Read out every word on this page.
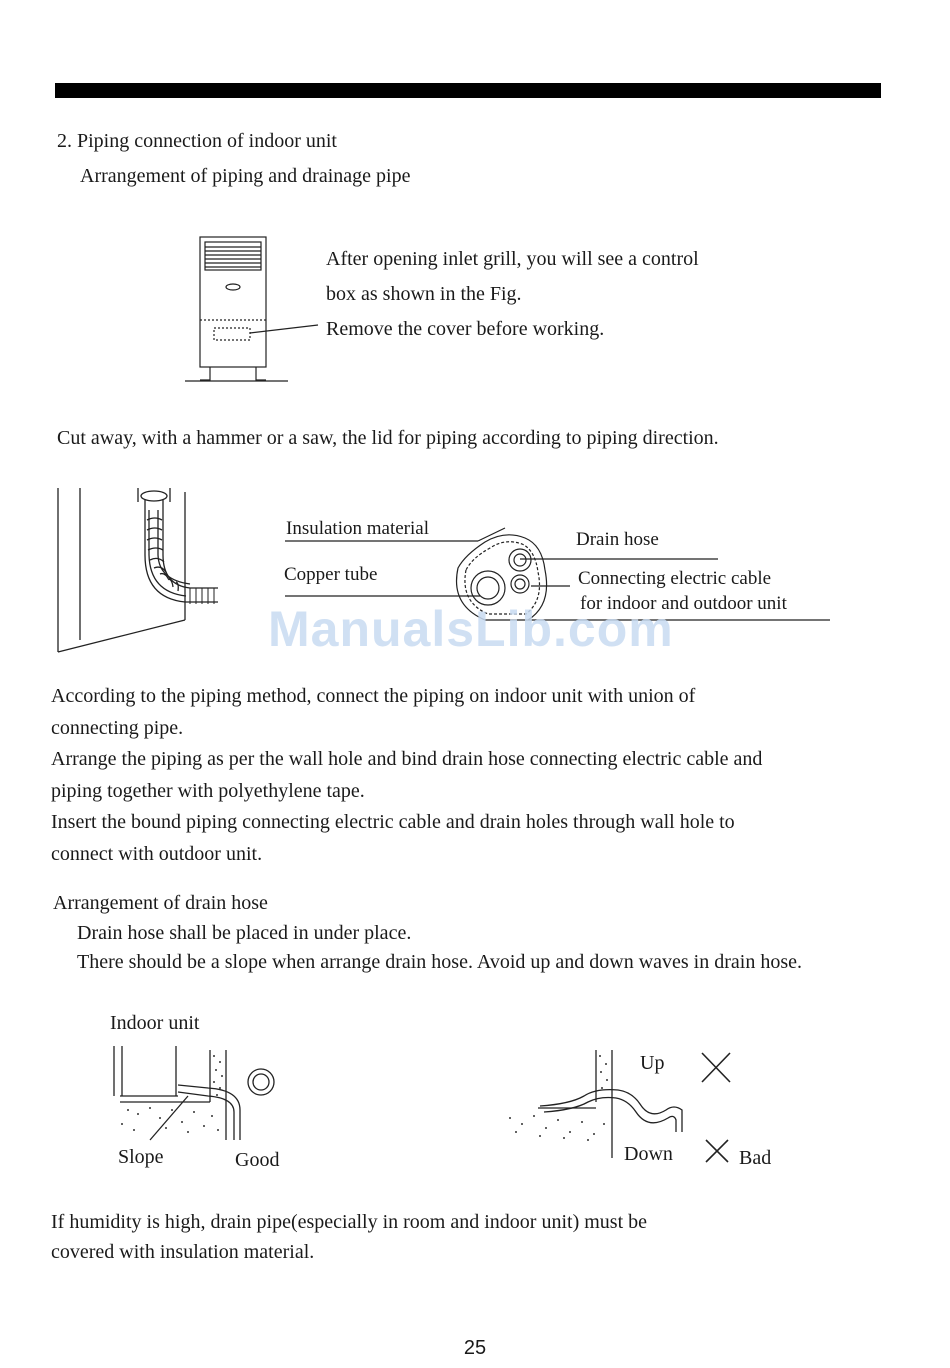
2. Piping connection of indoor unit
Arrangement of piping and drainage pipe
After opening inlet grill, you will see a control
box as shown in the Fig.
Remove the cover before working.
Cut away, with a hammer or a saw, the lid for piping according to piping direction.
Insulation material
Copper tube
Drain hose
Connecting electric cable
for indoor and outdoor unit
ManualsLib.com
According to the piping method, connect the piping on indoor unit with union of
connecting pipe.
Arrange the piping as per the wall hole and bind drain hose connecting electric cable and
piping together with polyethylene tape.
Insert the bound piping connecting electric cable and drain holes through wall hole to
connect with outdoor unit.
Arrangement of drain hose
Drain hose shall be placed in under place.
There should be a slope when arrange drain hose. Avoid up and down waves in drain hose.
Indoor unit
Slope	Good
Up
Down	Bad
If humidity is high, drain pipe(especially in room and indoor unit) must be
covered with insulation material.
25
